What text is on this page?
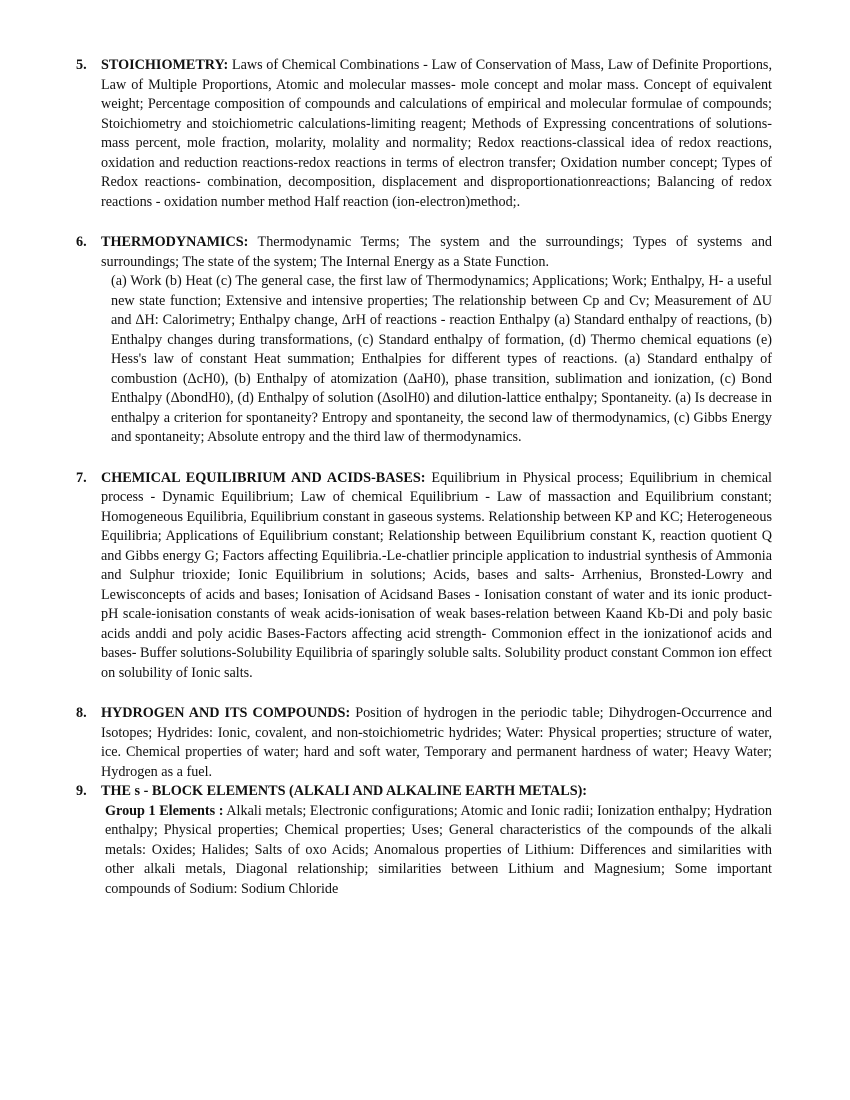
5. STOICHIOMETRY: Laws of Chemical Combinations - Law of Conservation of Mass, Law of Definite Proportions, Law of Multiple Proportions, Atomic and molecular masses- mole concept and molar mass. Concept of equivalent weight; Percentage composition of compounds and calculations of empirical and molecular formulae of compounds; Stoichiometry and stoichiometric calculations-limiting reagent; Methods of Expressing concentrations of solutions- mass percent, mole fraction, molarity, molality and normality; Redox reactions-classical idea of redox reactions, oxidation and reduction reactions-redox reactions in terms of electron transfer; Oxidation number concept; Types of Redox reactions- combination, decomposition, displacement and disproportionationreactions; Balancing of redox reactions - oxidation number method Half reaction (ion-electron)method;.
6. THERMODYNAMICS: Thermodynamic Terms; The system and the surroundings; Types of systems and surroundings; The state of the system; The Internal Energy as a State Function.
(a) Work (b) Heat (c) The general case, the first law of Thermodynamics; Applications; Work; Enthalpy, H- a useful new state function; Extensive and intensive properties; The relationship between Cp and Cv; Measurement of ΔU and ΔH: Calorimetry; Enthalpy change, ΔrH of reactions - reaction Enthalpy (a) Standard enthalpy of reactions, (b) Enthalpy changes during transformations, (c) Standard enthalpy of formation, (d) Thermo chemical equations (e) Hess's law of constant Heat summation; Enthalpies for different types of reactions. (a) Standard enthalpy of combustion (ΔcH0), (b) Enthalpy of atomization (ΔaH0), phase transition, sublimation and ionization, (c) Bond Enthalpy (ΔbondH0), (d) Enthalpy of solution (ΔsolH0) and dilution-lattice enthalpy; Spontaneity. (a) Is decrease in enthalpy a criterion for spontaneity? Entropy and spontaneity, the second law of thermodynamics, (c) Gibbs Energy and spontaneity; Absolute entropy and the third law of thermodynamics.
7. CHEMICAL EQUILIBRIUM AND ACIDS-BASES: Equilibrium in Physical process; Equilibrium in chemical process - Dynamic Equilibrium; Law of chemical Equilibrium - Law of massaction and Equilibrium constant; Homogeneous Equilibria, Equilibrium constant in gaseous systems. Relationship between KP and KC; Heterogeneous Equilibria; Applications of Equilibrium constant; Relationship between Equilibrium constant K, reaction quotient Q and Gibbs energy G; Factors affecting Equilibria.-Le-chatlier principle application to industrial synthesis of Ammonia and Sulphur trioxide; Ionic Equilibrium in solutions; Acids, bases and salts- Arrhenius, Bronsted-Lowry and Lewisconcepts of acids and bases; Ionisation of Acidsand Bases - Ionisation constant of water and its ionic product- pH scale-ionisation constants of weak acids-ionisation of weak bases-relation between Kaand Kb-Di and poly basic acids anddi and poly acidic Bases-Factors affecting acid strength- Commonion effect in the ionizationof acids and bases- Buffer solutions-Solubility Equilibria of sparingly soluble salts. Solubility product constant Common ion effect on solubility of Ionic salts.
8. HYDROGEN AND ITS COMPOUNDS: Position of hydrogen in the periodic table; Dihydrogen-Occurrence and Isotopes; Hydrides: Ionic, covalent, and non-stoichiometric hydrides; Water: Physical properties; structure of water, ice. Chemical properties of water; hard and soft water, Temporary and permanent hardness of water; Heavy Water; Hydrogen as a fuel.
9. THE s - BLOCK ELEMENTS (ALKALI AND ALKALINE EARTH METALS):
Group 1 Elements : Alkali metals; Electronic configurations; Atomic and Ionic radii; Ionization enthalpy; Hydration enthalpy; Physical properties; Chemical properties; Uses; General characteristics of the compounds of the alkali metals: Oxides; Halides; Salts of oxo Acids; Anomalous properties of Lithium: Differences and similarities with other alkali metals, Diagonal relationship; similarities between Lithium and Magnesium; Some important compounds of Sodium: Sodium Chloride
